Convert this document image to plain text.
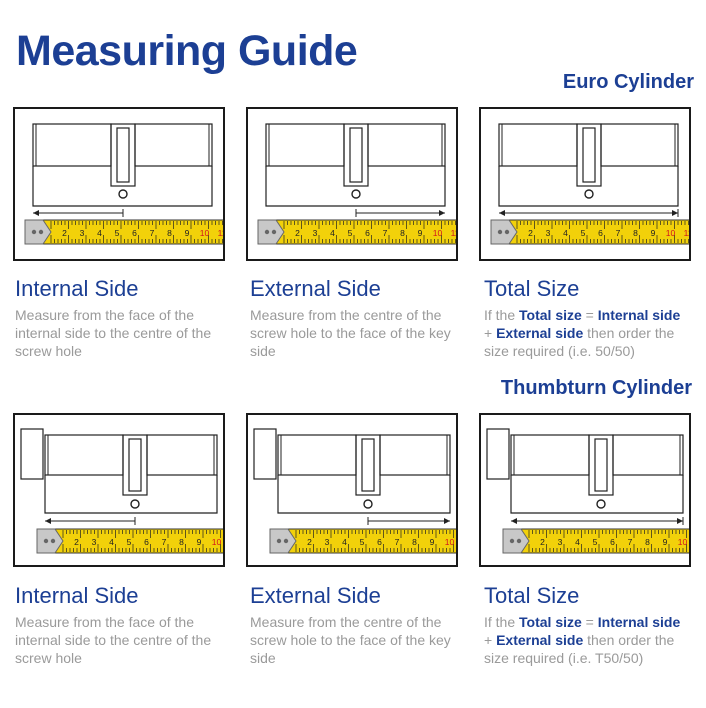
Measuring Guide
Euro Cylinder
Thumbturn Cylinder
2 3 4 5 6 7 8 9 10 11	2 3 4 5 6 7 8 9 10 11	2 3 4 5 6 7 8 9 10 11
Internal Side	External Side	Total Size
Measure from the face of the internal side to the centre of the screw hole
Measure from the centre of the screw hole to the face of the key side
If the Total size = Internal side
+ External side then order the size required (i.e. 50/50)
2 3 4 5 6 7 8 9 10	2 3 4 5 6 7 8 9 10	2 3 4 5 6 7 8 9 10
Internal Side	External Side	Total Size
Measure from the face of the internal side to the centre of the screw hole
Measure from the centre of the screw hole to the face of the key side
If the Total size = Internal side
+ External side then order the size required (i.e. T50/50)
